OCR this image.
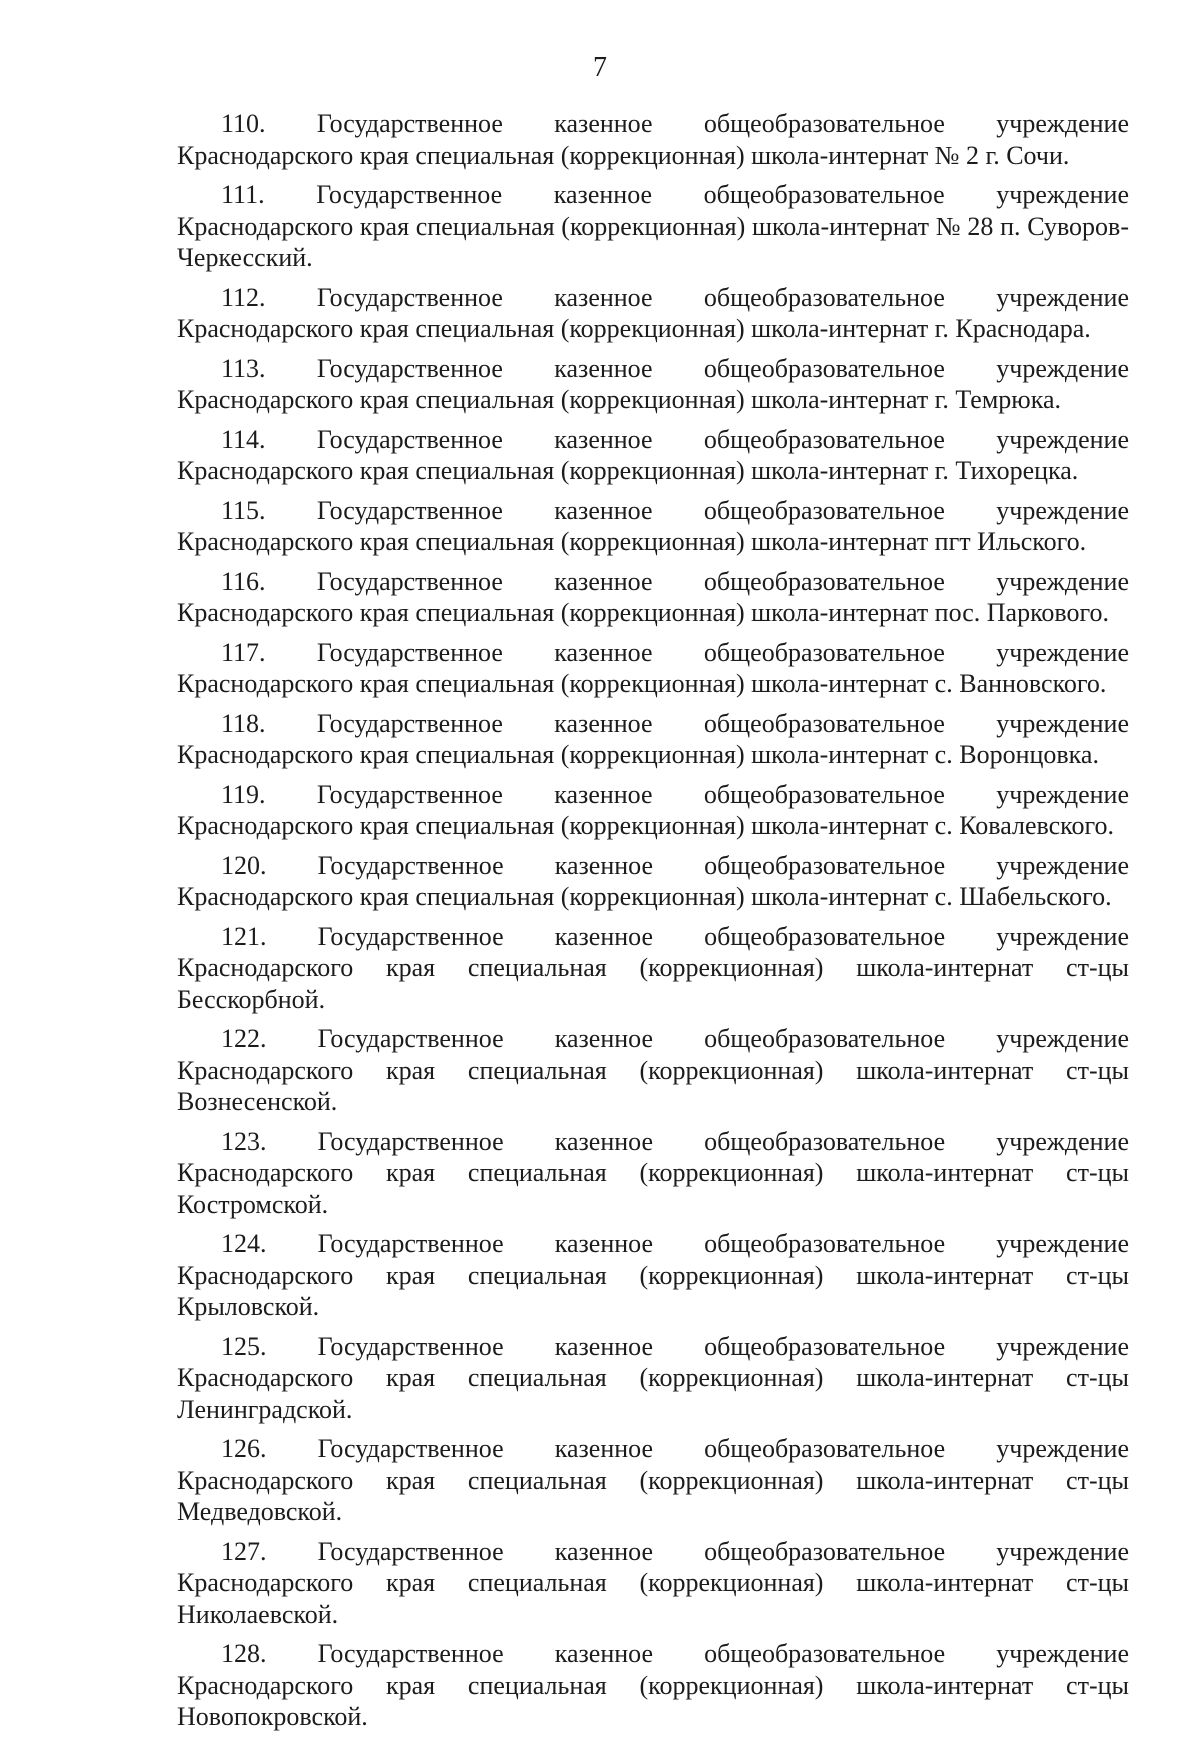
7

110. Государственное казенное общеобразовательное учреждение Краснодарского края специальная (коррекционная) школа-интернат № 2 г. Сочи.

111. Государственное казенное общеобразовательное учреждение Краснодарского края специальная (коррекционная) школа-интернат № 28 п. Суворов-Черкесский.

112. Государственное казенное общеобразовательное учреждение Краснодарского края специальная (коррекционная) школа-интернат г. Краснодара.

113. Государственное казенное общеобразовательное учреждение Краснодарского края специальная (коррекционная) школа-интернат г. Темрюка.

114. Государственное казенное общеобразовательное учреждение Краснодарского края специальная (коррекционная) школа-интернат г. Тихорецка.

115. Государственное казенное общеобразовательное учреждение Краснодарского края специальная (коррекционная) школа-интернат пгт Ильского.

116. Государственное казенное общеобразовательное учреждение Краснодарского края специальная (коррекционная) школа-интернат пос. Паркового.

117. Государственное казенное общеобразовательное учреждение Краснодарского края специальная (коррекционная) школа-интернат с. Ванновского.

118. Государственное казенное общеобразовательное учреждение Краснодарского края специальная (коррекционная) школа-интернат с. Воронцовка.

119. Государственное казенное общеобразовательное учреждение Краснодарского края специальная (коррекционная) школа-интернат с. Ковалевского.

120. Государственное казенное общеобразовательное учреждение Краснодарского края специальная (коррекционная) школа-интернат с. Шабельского.

121. Государственное казенное общеобразовательное учреждение Краснодарского края специальная (коррекционная) школа-интернат ст-цы Бесскорбной.

122. Государственное казенное общеобразовательное учреждение Краснодарского края специальная (коррекционная) школа-интернат ст-цы Вознесенской.

123. Государственное казенное общеобразовательное учреждение Краснодарского края специальная (коррекционная) школа-интернат ст-цы Костромской.

124. Государственное казенное общеобразовательное учреждение Краснодарского края специальная (коррекционная) школа-интернат ст-цы Крыловской.

125. Государственное казенное общеобразовательное учреждение Краснодарского края специальная (коррекционная) школа-интернат ст-цы Ленинградской.

126. Государственное казенное общеобразовательное учреждение Краснодарского края специальная (коррекционная) школа-интернат ст-цы Медведовской.

127. Государственное казенное общеобразовательное учреждение Краснодарского края специальная (коррекционная) школа-интернат ст-цы Николаевской.

128. Государственное казенное общеобразовательное учреждение Краснодарского края специальная (коррекционная) школа-интернат ст-цы Новопокровской.
